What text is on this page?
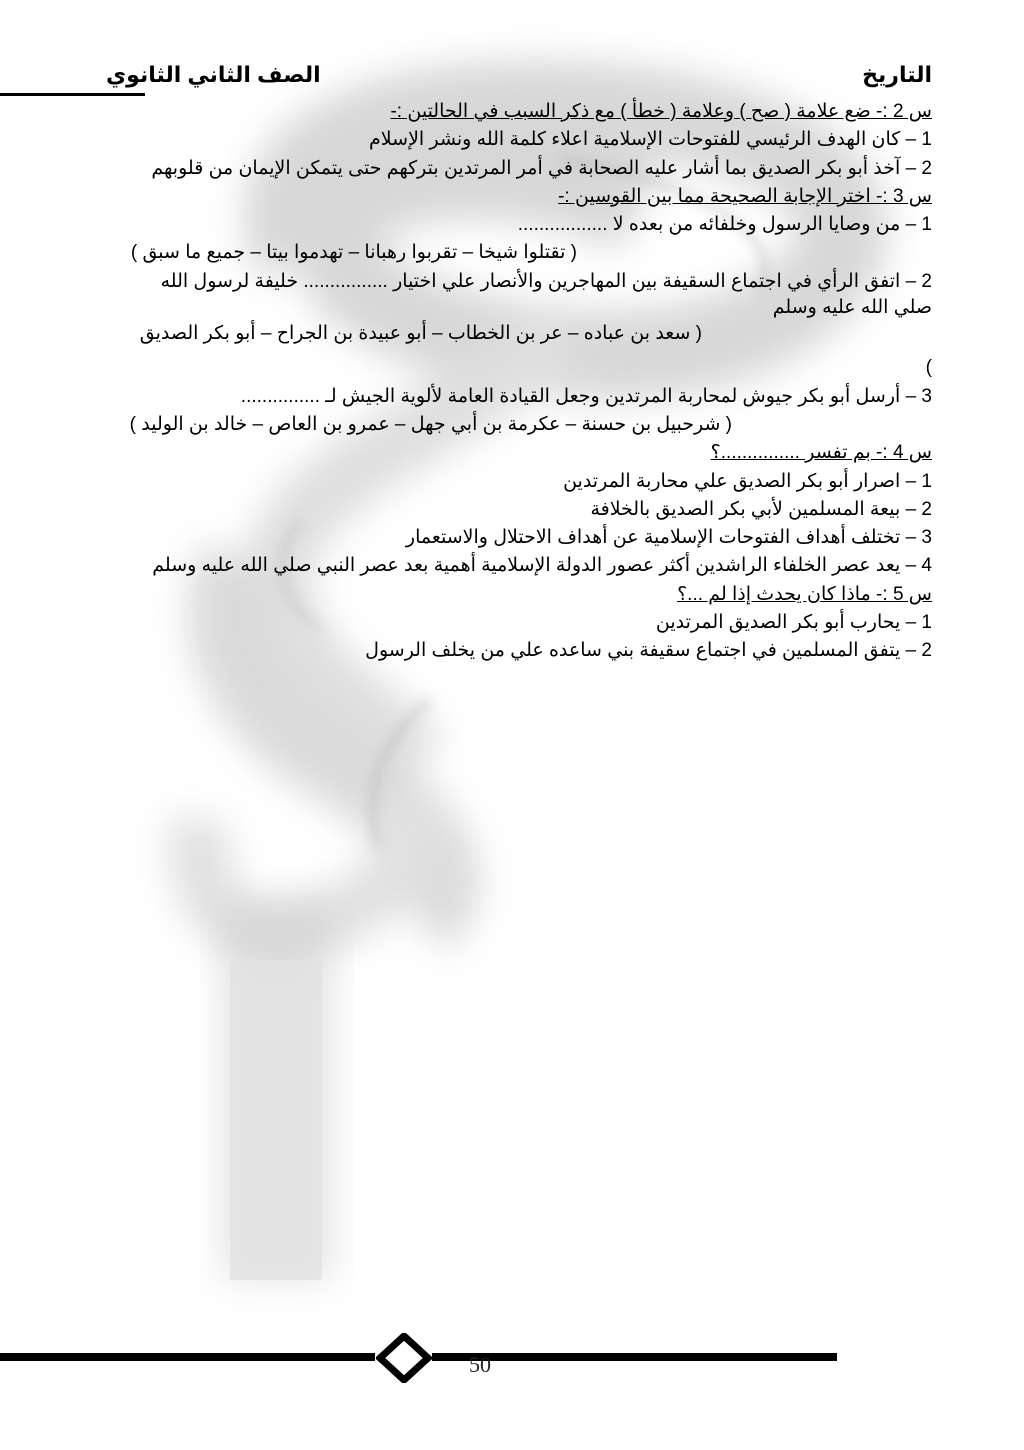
التاريخ
الصف الثاني الثانوي
س 2 :- ضع علامة ( صح ) وعلامة ( خطأ ) مع ذكر السبب في الحالتين :-
1 – كان الهدف الرئيسي للفتوحات الإسلامية اعلاء كلمة الله ونشر الإسلام
2 – آخذ أبو بكر الصديق بما أشار عليه الصحابة في أمر المرتدين بتركهم حتى يتمكن الإيمان من قلوبهم
س 3 :- اختر الإجابة الصحيحة مما بين القوسين :-
1 – من وصايا الرسول وخلفائه من بعده لا .................
( تقتلوا شيخا – تقربوا رهبانا – تهدموا بيتا – جميع ما سبق )
2 – اتفق الرأي في اجتماع السقيفة بين المهاجرين والأنصار علي اختيار ................ خليفة لرسول الله
صلي الله عليه وسلم
( سعد بن عباده – عر بن الخطاب – أبو عبيدة بن الجراح – أبو بكر الصديق
)
3 – أرسل أبو بكر جيوش لمحاربة المرتدين وجعل القيادة العامة لألوية الجيش لـ ...............
( شرحبيل بن حسنة – عكرمة بن أبي جهل – عمرو بن العاص – خالد بن الوليد )
س 4 :- بم تفسر ...............؟
1 – اصرار أبو بكر الصديق علي محاربة المرتدين
2 – بيعة المسلمين لأبي بكر الصديق بالخلافة
3 – تختلف أهداف الفتوحات الإسلامية عن أهداف الاحتلال والاستعمار
4 – يعد عصر الخلفاء الراشدين أكثر عصور الدولة الإسلامية أهمية بعد عصر النبي صلي الله عليه وسلم
س 5 :- ماذا كان يحدث إذا لم ...؟
1 – يحارب أبو بكر الصديق المرتدين
2 – يتفق المسلمين في اجتماع سقيفة بني ساعده علي من يخلف الرسول
50
